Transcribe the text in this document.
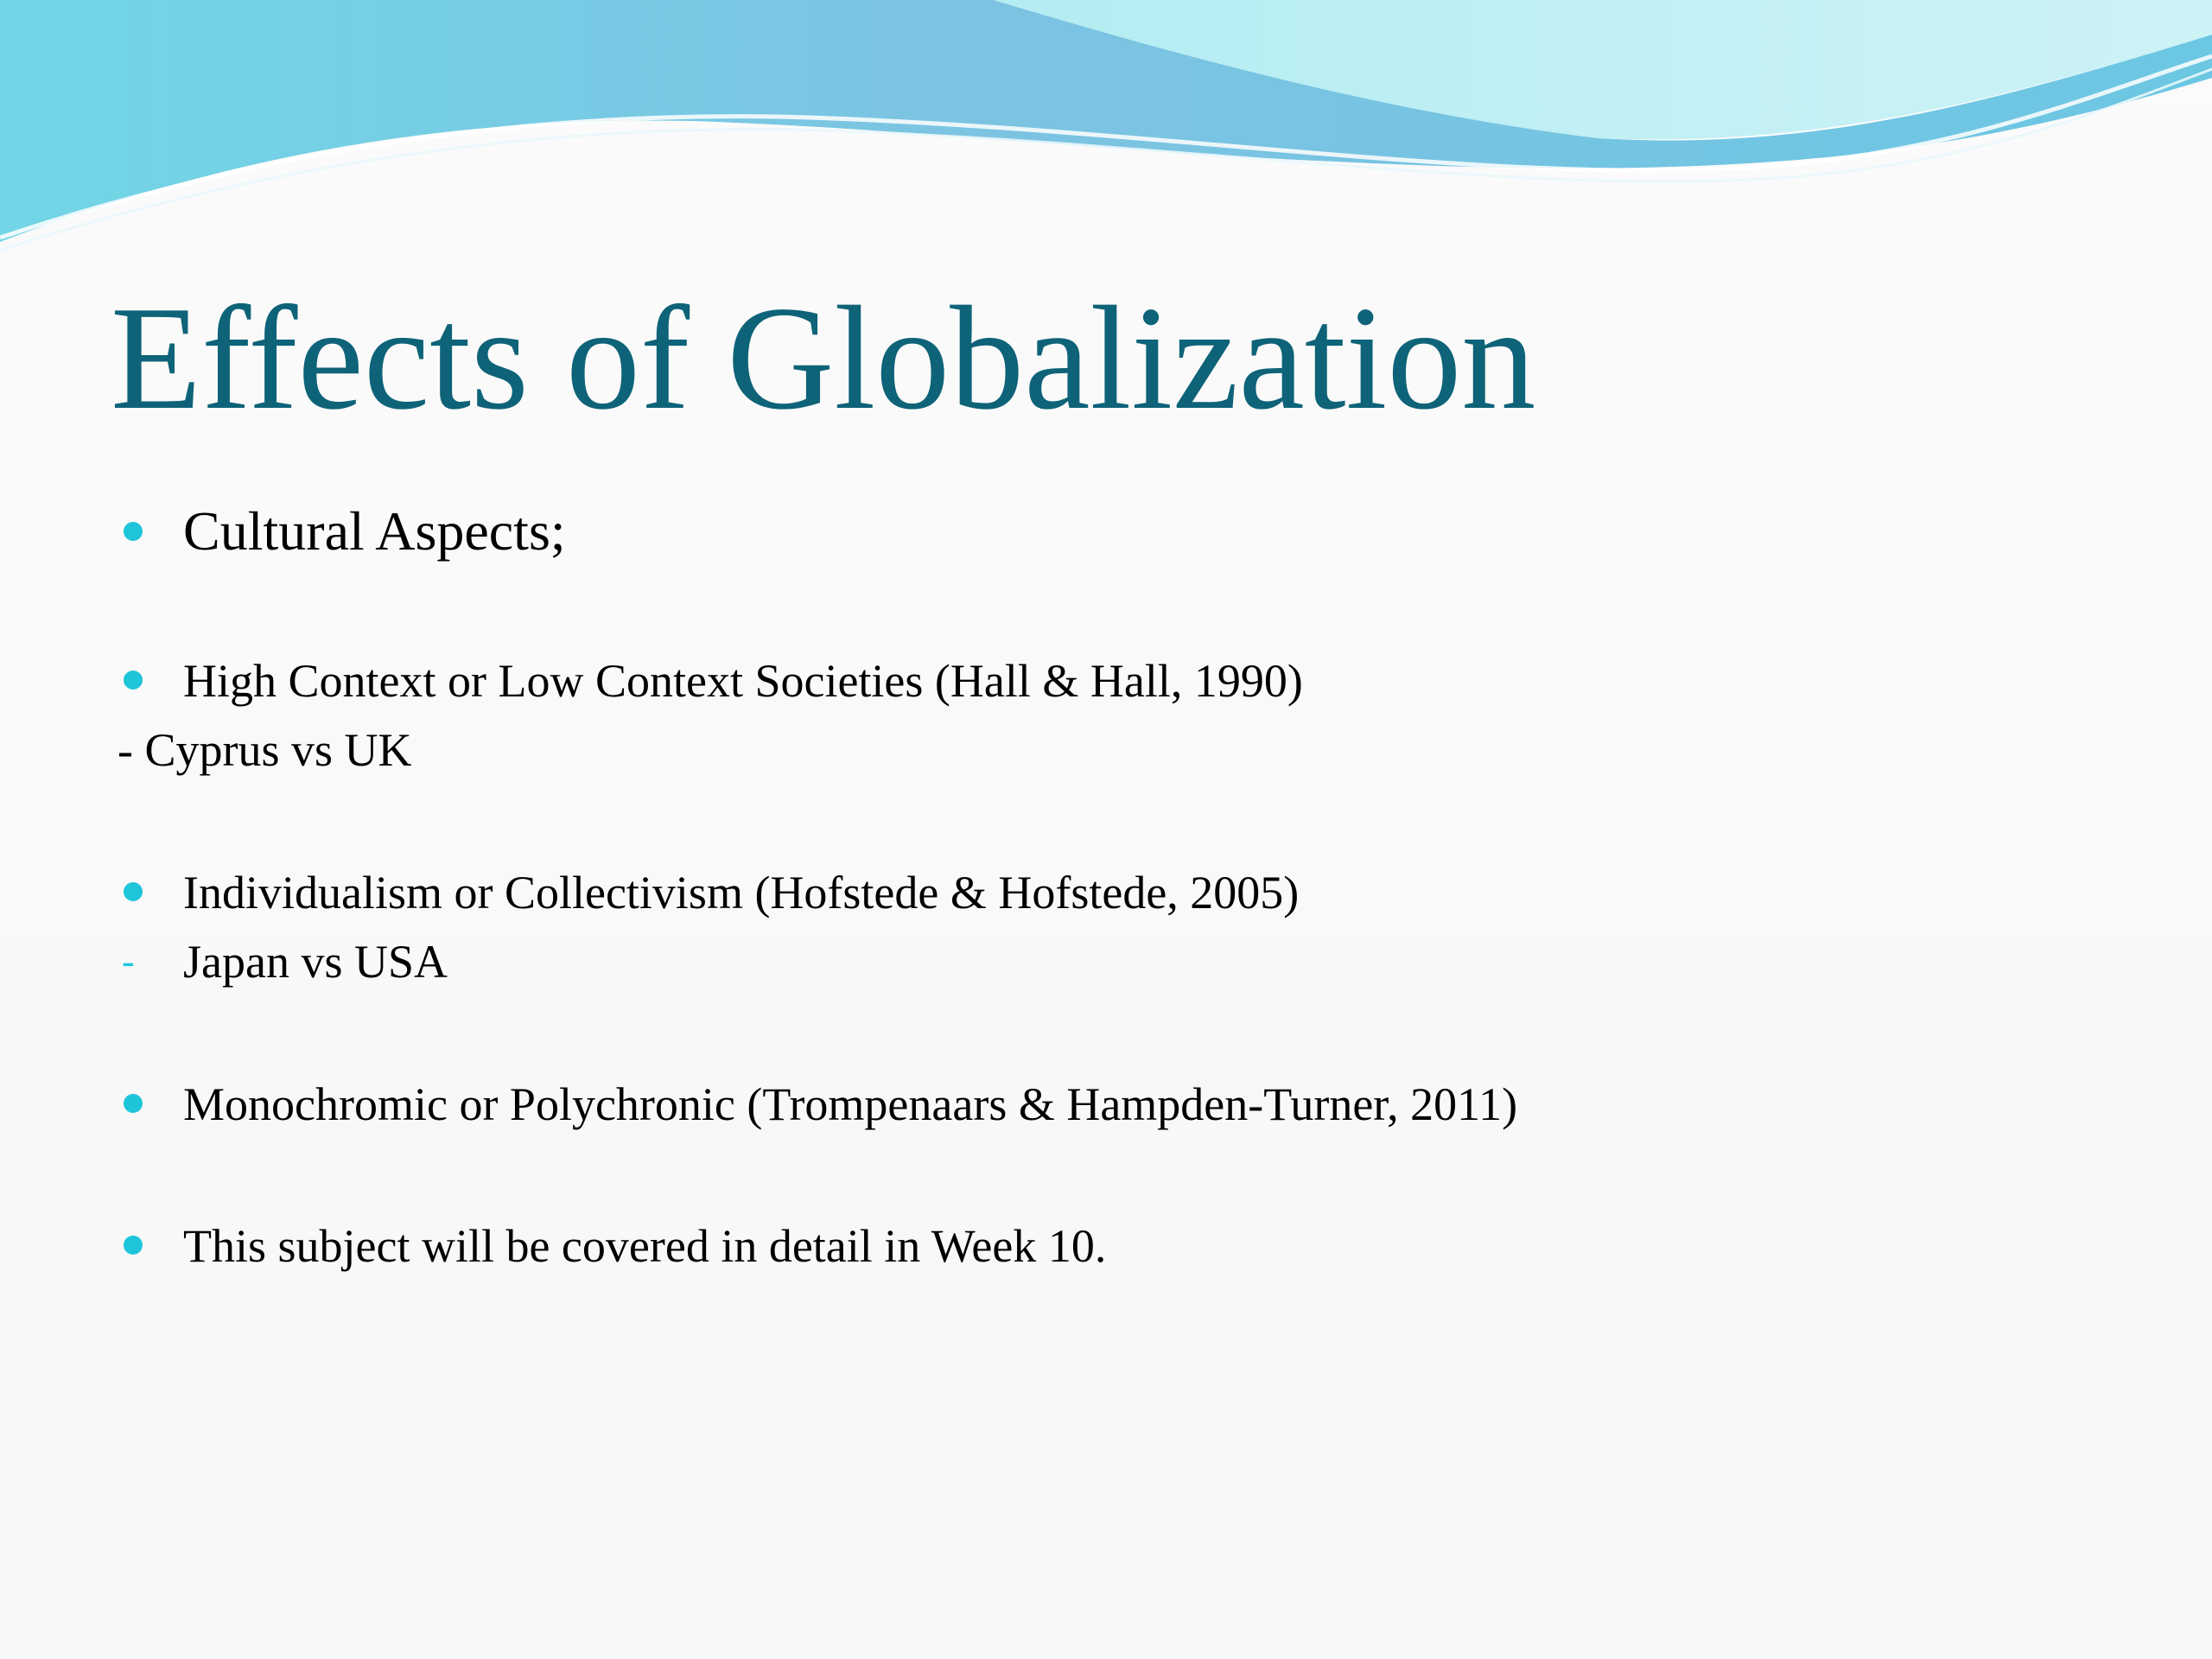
Effects of Globalization
Cultural Aspects;
High Context or Low Context Societies (Hall & Hall, 1990)
- Cyprus vs UK
Individualism or Collectivism (Hofstede & Hofstede, 2005)
- Japan vs USA
Monochromic or Polychronic (Trompenaars & Hampden-Turner, 2011)
This subject will be covered in detail in Week 10.
